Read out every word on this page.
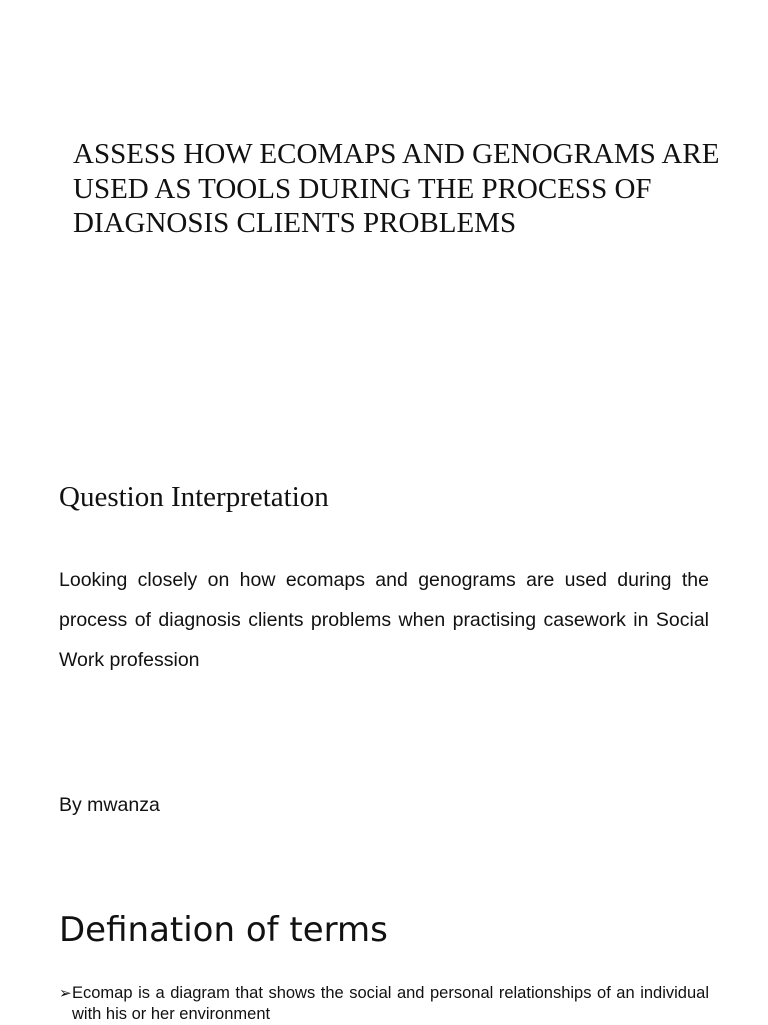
ASSESS HOW ECOMAPS AND GENOGRAMS ARE USED AS TOOLS DURING THE PROCESS OF DIAGNOSIS CLIENTS PROBLEMS
Question Interpretation
Looking closely on how ecomaps and genograms are used during the process of diagnosis clients problems when practising casework in Social Work profession
By mwanza
Defination of terms
➢ Ecomap is a diagram that shows the social and personal relationships of an individual with his or her environment
